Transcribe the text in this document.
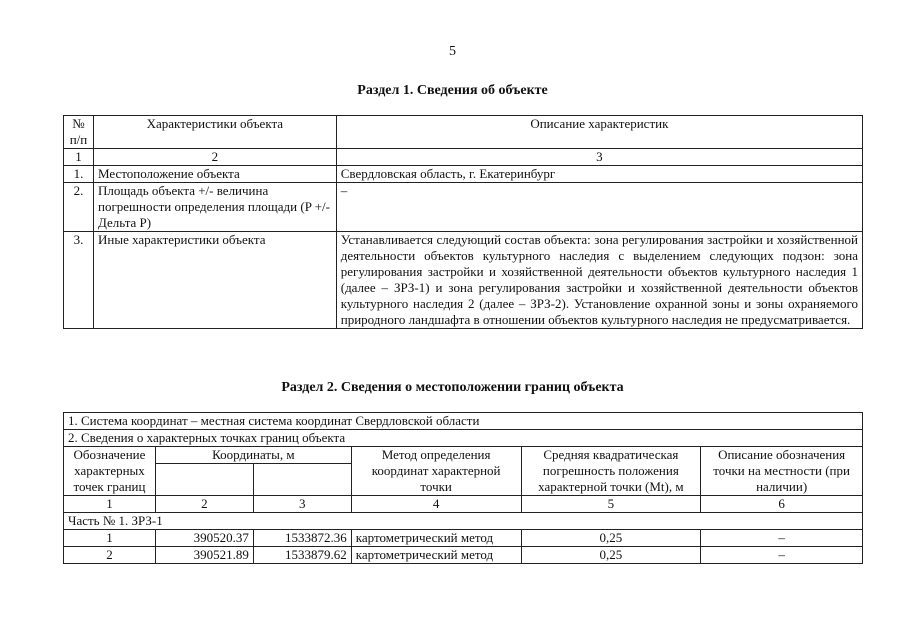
5
Раздел 1. Сведения об объекте
№ п/п	Характеристики объекта	Описание характеристик
1	2	3
1.	Местоположение объекта	Свердловская область, г. Екатеринбург
2.	Площадь объекта +/- величина погрешности определения площади (P +/- Дельта P)	–
3.	Иные характеристики объекта	Устанавливается следующий состав объекта: зона регулирования застройки и хозяйственной деятельности объектов культурного наследия с выделением следующих подзон: зона регулирования застройки и хозяйственной деятельности объектов культурного наследия 1 (далее – ЗРЗ-1) и зона регулирования застройки и хозяйственной деятельности объектов культурного наследия 2 (далее – ЗРЗ-2). Установление охранной зоны и зоны охраняемого природного ландшафта в отношении объектов культурного наследия не предусматривается.
Раздел 2. Сведения о местоположении границ объекта
1. Система координат – местная система координат Свердловской области					
2. Сведения о характерных точках границ объекта					
Обозначение характерных точек границ	Координаты, м		Метод определения координат характерной точки	Средняя квадратическая погрешность положения характерной точки (Mt), м	Описание обозначения точки на местности (при наличии)

1	2	3	4	5	6
Часть № 1. ЗРЗ-1					
1	390520.37	1533872.36	картометрический метод	0,25	–
2	390521.89	1533879.62	картометрический метод	0,25	–
